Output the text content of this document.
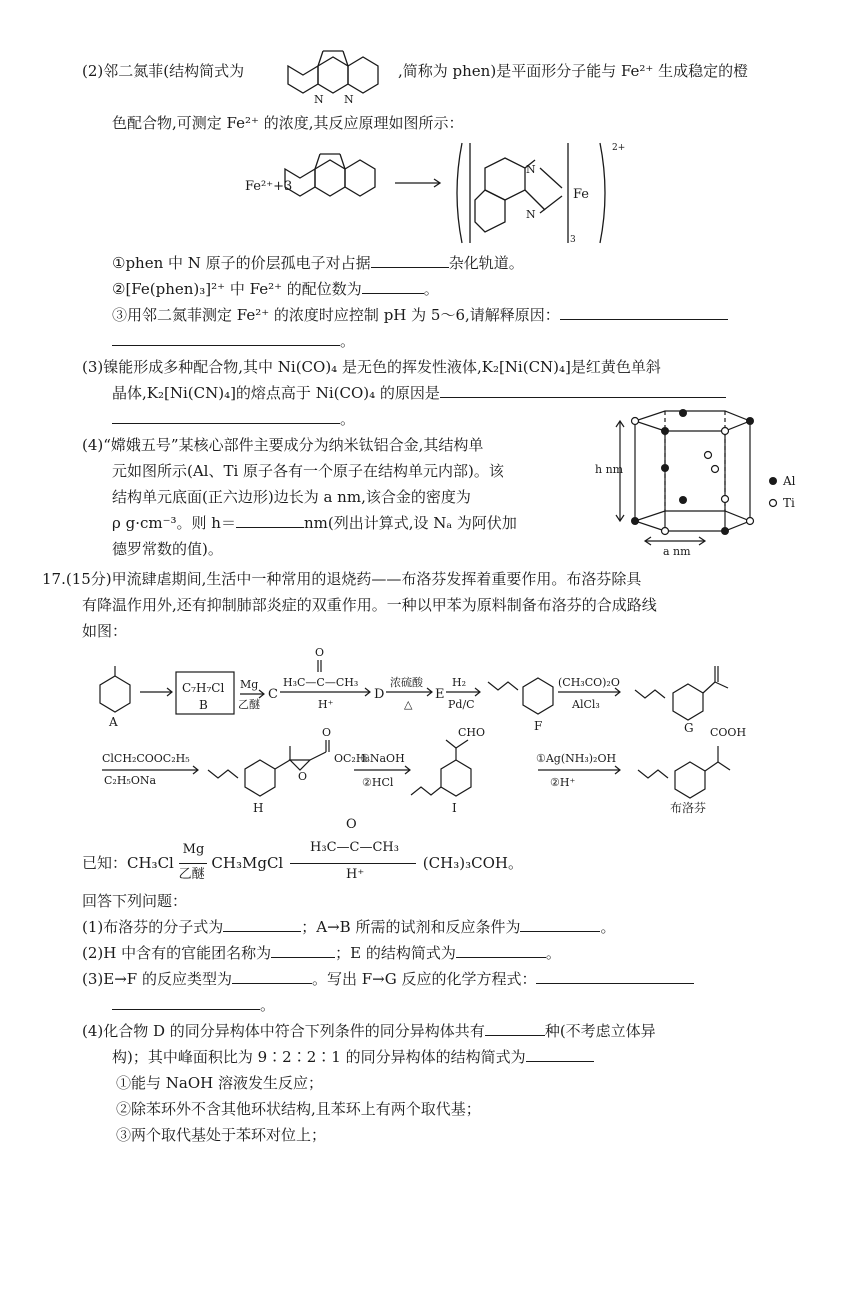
(2)邻二氮菲(结构简式为
N N
,简称为 phen)是平面形分子能与 Fe²⁺ 生成稳定的橙
色配合物,可测定 Fe²⁺ 的浓度,其反应原理如图所示：
Fe²⁺+3
N
N
Fe
2+
3
①phen 中 N 原子的价层孤电子对占据	杂化轨道。
②[Fe(phen)₃]²⁺ 中 Fe²⁺ 的配位数为	。
③用邻二氮菲测定 Fe²⁺ 的浓度时应控制 pH 为 5～6,请解释原因：
。
(3)镍能形成多种配合物,其中 Ni(CO)₄ 是无色的挥发性液体,K₂[Ni(CN)₄]是红黄色单斜
晶体,K₂[Ni(CN)₄]的熔点高于 Ni(CO)₄ 的原因是
。
(4)“嫦娥五号”某核心部件主要成分为纳米钛铝合金,其结构单
元如图所示(Al、Ti 原子各有一个原子在结构单元内部)。该
结构单元底面(正六边形)边长为 a nm,该合金的密度为
ρ g·cm⁻³。则 h＝	nm(列出计算式,设 Nₐ 为阿伏加
德罗常数的值)。
h nm
a nm
Al
Ti
17.(15分)甲流肆虐期间,生活中一种常用的退烧药——布洛芬发挥着重要作用。布洛芬除具
有降温作用外,还有抑制肺部炎症的双重作用。一种以甲苯为原料制备布洛芬的合成路线
如图：
A
C₇H₇Cl
B
Mg
乙醚
C
O
H₃C—C—CH₃
H⁺
D
浓硫酸
△
E
H₂
Pd/C
F
(CH₃CO)₂O
AlCl₃
G
ClCH₂COOC₂H₅
C₂H₅ONa	O
OC₂H₅
O
H
①NaOH
②HCl
CHO
I
①Ag(NH₃)₂OH
②H⁺
COOH
布洛芬
已知：CH₃Cl
Mg
乙醚
CH₃MgCl
O
H₃C—C—CH₃
H⁺
(CH₃)₃COH。
回答下列问题：
(1)布洛芬的分子式为	；A→B 所需的试剂和反应条件为	。
(2)H 中含有的官能团名称为	；E 的结构简式为	。
(3)E→F 的反应类型为	。写出 F→G 反应的化学方程式：
。
(4)化合物 D 的同分异构体中符合下列条件的同分异构体共有	种(不考虑立体异
构)；其中峰面积比为 9∶2∶2∶1 的同分异构体的结构简式为
①能与 NaOH 溶液发生反应；
②除苯环外不含其他环状结构,且苯环上有两个取代基；
③两个取代基处于苯环对位上；
